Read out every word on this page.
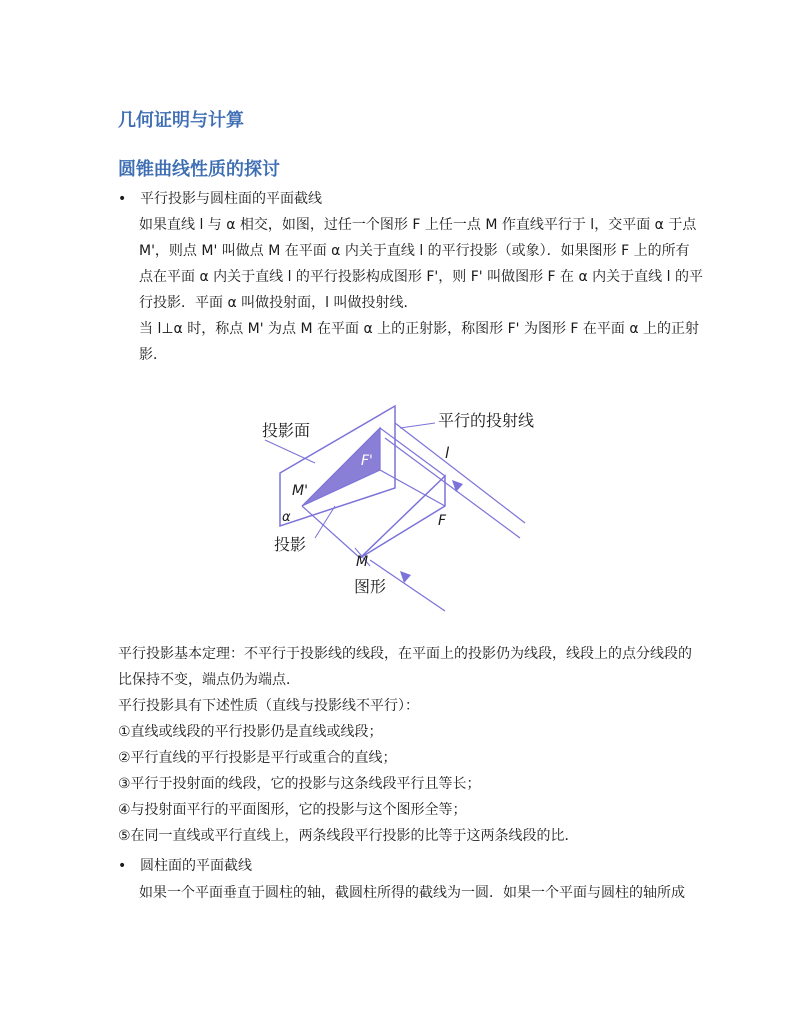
几何证明与计算
圆锥曲线性质的探讨
• 平行投影与圆柱面的平面截线
如果直线 l 与 α 相交，如图，过任一个图形 F 上任一点 M 作直线平行于 l，交平面 α 于点
M'，则点 M' 叫做点 M 在平面 α 内关于直线 l 的平行投影（或象）．如果图形 F 上的所有
点在平面 α 内关于直线 l 的平行投影构成图形 F'，则 F' 叫做图形 F 在 α 内关于直线 l 的平
行投影．平面 α 叫做投射面，l 叫做投射线．
当 l⊥α 时，称点 M' 为点 M 在平面 α 上的正射影，称图形 F' 为图形 F 在平面 α 上的正射
影．
投影面
平行的投射线
l
F'
M'
α	F
M
投影
图形
平行投影基本定理：不平行于投影线的线段，在平面上的投影仍为线段，线段上的点分线段的
比保持不变，端点仍为端点．
平行投影具有下述性质（直线与投影线不平行）：
①直线或线段的平行投影仍是直线或线段；
②平行直线的平行投影是平行或重合的直线；
③平行于投射面的线段，它的投影与这条线段平行且等长；
④与投射面平行的平面图形，它的投影与这个图形全等；
⑤在同一直线或平行直线上，两条线段平行投影的比等于这两条线段的比．
• 圆柱面的平面截线
如果一个平面垂直于圆柱的轴，截圆柱所得的截线为一圆．如果一个平面与圆柱的轴所成
